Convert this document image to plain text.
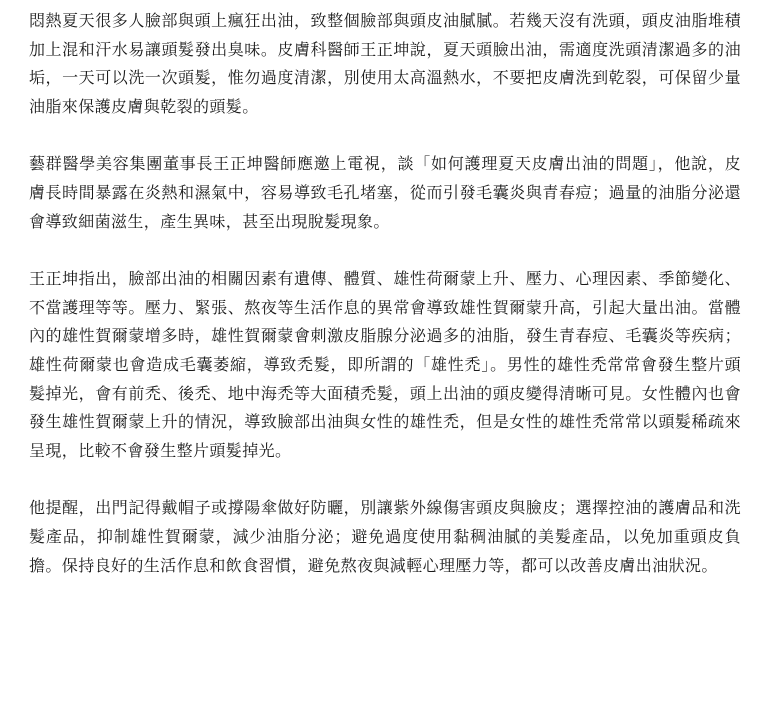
悶熱夏天很多人臉部與頭上瘋狂出油，致整個臉部與頭皮油膩膩。若幾天沒有洗頭，頭皮油脂堆積加上混和汗水易讓頭髮發出臭味。皮膚科醫師王正坤說，夏天頭臉出油，需適度洗頭清潔過多的油垢，一天可以洗一次頭髮，惟勿過度清潔，別使用太高溫熱水，不要把皮膚洗到乾裂，可保留少量油脂來保護皮膚與乾裂的頭髮。

藝群醫學美容集團董事長王正坤醫師應邀上電視，談「如何護理夏天皮膚出油的問題」，他說，皮膚長時間暴露在炎熱和濕氣中，容易導致毛孔堵塞，從而引發毛囊炎與青春痘；過量的油脂分泌還會導致細菌滋生，產生異味，甚至出現脫髮現象。

王正坤指出，臉部出油的相關因素有遺傳、體質、雄性荷爾蒙上升、壓力、心理因素、季節變化、不當護理等等。壓力、緊張、熬夜等生活作息的異常會導致雄性賀爾蒙升高，引起大量出油。當體內的雄性賀爾蒙增多時，雄性賀爾蒙會刺激皮脂腺分泌過多的油脂，發生青春痘、毛囊炎等疾病；雄性荷爾蒙也會造成毛囊萎縮，導致禿髮，即所謂的「雄性禿」。男性的雄性禿常常會發生整片頭髮掉光，會有前禿、後禿、地中海禿等大面積禿髮，頭上出油的頭皮變得清晰可見。女性體內也會發生雄性賀爾蒙上升的情況，導致臉部出油與女性的雄性禿，但是女性的雄性禿常常以頭髮稀疏來呈現，比較不會發生整片頭髮掉光。

他提醒，出門記得戴帽子或撐陽傘做好防曬，別讓紫外線傷害頭皮與臉皮；選擇控油的護膚品和洗髮產品，抑制雄性賀爾蒙，減少油脂分泌；避免過度使用黏稠油膩的美髮產品，以免加重頭皮負擔。保持良好的生活作息和飲食習慣，避免熬夜與減輕心理壓力等，都可以改善皮膚出油狀況。
